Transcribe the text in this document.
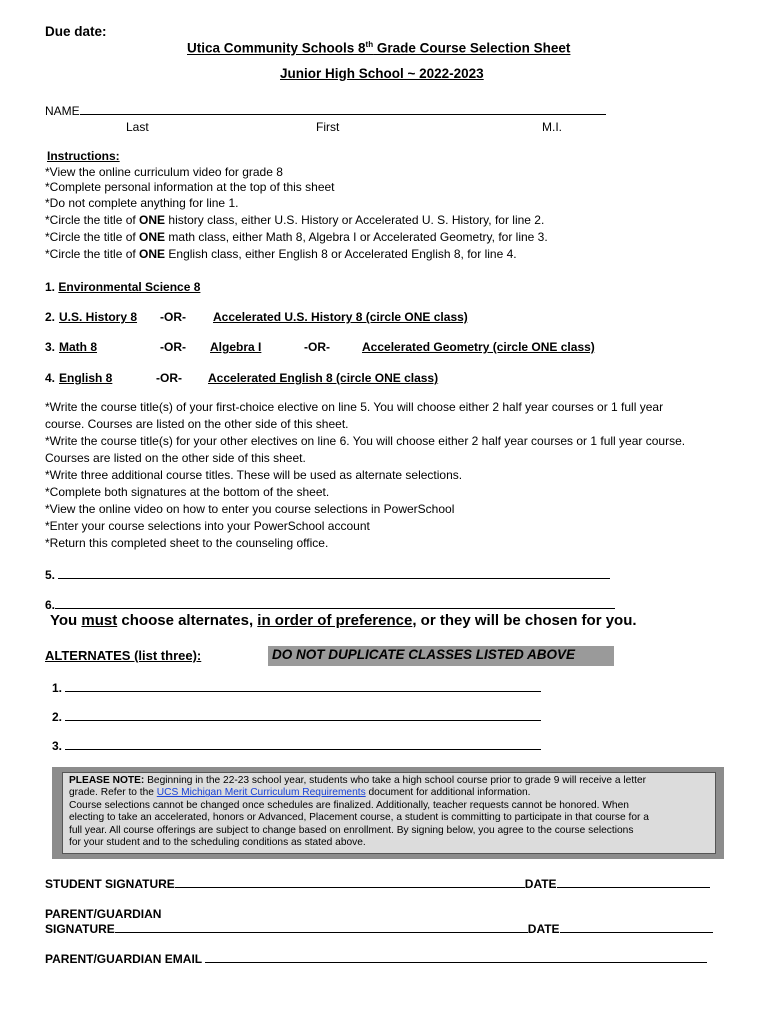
Due date:
Utica Community Schools 8th Grade Course Selection Sheet
Junior High School ~ 2022-2023
NAME
Last	First	M.I.
Instructions:
*View the online curriculum video for grade 8
*Complete personal information at the top of this sheet
*Do not complete anything for line 1.
*Circle the title of ONE history class, either U.S. History or Accelerated U. S. History, for line 2.
*Circle the title of ONE math class, either Math 8, Algebra I or Accelerated Geometry, for line 3.
*Circle the title of ONE English class, either English 8 or Accelerated English 8, for line 4.
1. Environmental Science 8
2. U.S. History 8 -OR- Accelerated U.S. History 8 (circle ONE class)
3. Math 8	-OR- Algebra I	-OR-	Accelerated Geometry (circle ONE class)
4. English 8	-OR- Accelerated English 8 (circle ONE class)
*Write the course title(s) of your first-choice elective on line 5. You will choose either 2 half year courses or 1 full year
course. Courses are listed on the other side of this sheet.
*Write the course title(s) for your other electives on line 6. You will choose either 2 half year courses or 1 full year course.
Courses are listed on the other side of this sheet.
*Write three additional course titles. These will be used as alternate selections.
*Complete both signatures at the bottom of the sheet.
*View the online video on how to enter you course selections in PowerSchool
*Enter your course selections into your PowerSchool account
*Return this completed sheet to the counseling office.
5.
6.
You must choose alternates, in order of preference, or they will be chosen for you.
ALTERNATES (list three):	DO NOT DUPLICATE CLASSES LISTED ABOVE
1.
2.
3.
PLEASE NOTE: Beginning in the 22-23 school year, students who take a high school course prior to grade 9 will receive a letter
grade. Refer to the UCS Michigan Merit Curriculum Requirements document for additional information.
Course selections cannot be changed once schedules are finalized. Additionally, teacher requests cannot be honored. When
electing to take an accelerated, honors or Advanced, Placement course, a student is committing to participate in that course for a
full year. All course offerings are subject to change based on enrollment. By signing below, you agree to the course selections
for your student and to the scheduling conditions as stated above.
STUDENT SIGNATURE	DATE
PARENT/GUARDIAN
SIGNATURE	DATE
PARENT/GUARDIAN EMAIL
